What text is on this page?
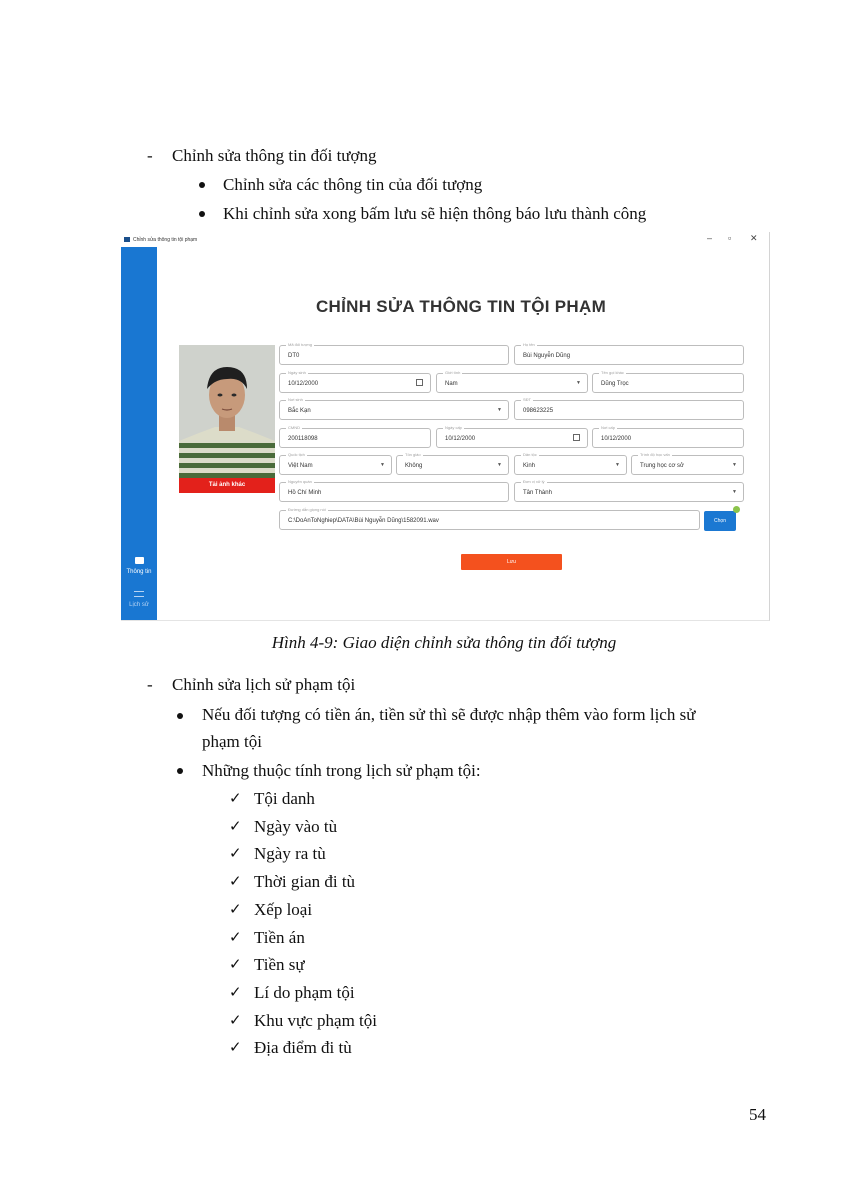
- Chỉnh sửa thông tin đối tượng
Chỉnh sửa các thông tin của đối tượng
Khi chỉnh sửa xong bấm lưu sẽ hiện thông báo lưu thành công
Chỉnh sửa thông tin tội phạm	– ▫ ✕
Thông tin
Lịch sử
CHỈNH SỬA THÔNG TIN TỘI PHẠM
Tải ảnh khác
Mã đối tượng
DT0
Họ tên
Bùi Nguyễn Dũng
Ngày sinh
10/12/2000
Giới tính
Nam	▼
Tên gọi khác
Dũng Trọc
Nơi sinh
Bắc Kạn	▼
SĐT
098623225
CMND
200118098
Ngày cấp
10/12/2000
Nơi cấp
10/12/2000
Quốc tịch
Việt Nam	▼
Tôn giáo
Không	▼
Dân tộc
Kinh	▼
Trình độ học vấn
Trung học cơ sở	▼
Nguyên quán
Hồ Chí Minh
Đơn vị xử lý
Tân Thành	▼
Đường dẫn giọng nói
C:\DoAnToNghiep\DATA\Bùi Nguyễn Dũng\1582091.wav	Chọn
Lưu
Hình 4-9: Giao diện chỉnh sửa thông tin đối tượng
- Chỉnh sửa lịch sử phạm tội
Nếu đối tượng có tiền án, tiền sử thì sẽ được nhập thêm vào form lịch sử
phạm tội
Những thuộc tính trong lịch sử phạm tội:
✓ Tội danh
✓ Ngày vào tù
✓ Ngày ra tù
✓ Thời gian đi tù
✓ Xếp loại
✓ Tiền án
✓ Tiền sự
✓ Lí do phạm tội
✓ Khu vực phạm tội
✓ Địa điểm đi tù
54
